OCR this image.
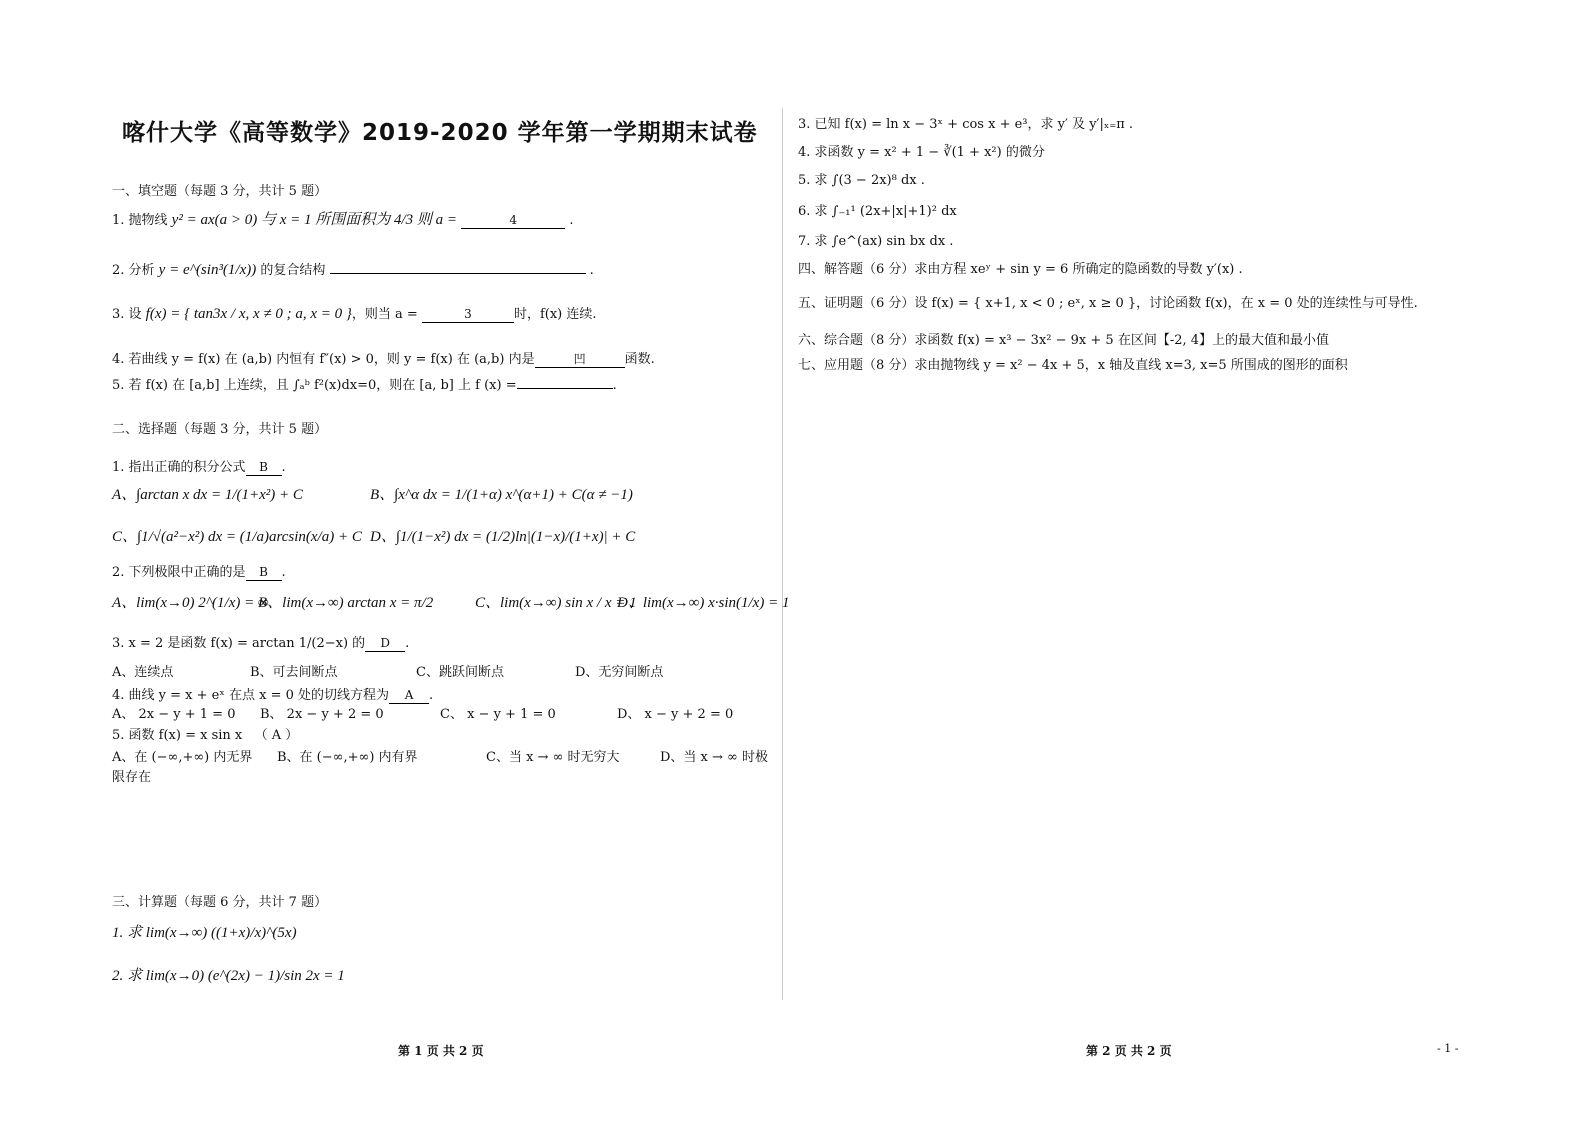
喀什大学《高等数学》2019-2020 学年第一学期期末试卷
一、填空题（每题 3 分，共计 5 题）
1. 抛物线 y² = ax(a > 0) 与 x = 1 所围面积为 4/3 则 a =	4	.
2. 分析 y = e^(sin³(1/x)) 的复合结构	.
3. 设 f(x) = { tan3x / x, x ≠ 0 ; a, x = 0 }，则当 a =	3	时，f(x) 连续.
4. 若曲线 y = f(x) 在 (a,b) 内恒有 f″(x) > 0，则 y = f(x) 在 (a,b) 内是	凹	函数.
5. 若 f(x) 在 [a,b] 上连续，且 ∫ₐᵇ f²(x)dx=0，则在 [a, b] 上 f (x) =	.
二、选择题（每题 3 分，共计 5 题）
1. 指出正确的积分公式 B .
A、∫arctan x dx = 1/(1+x²) + C	B、∫x^α dx = 1/(1+α) x^(α+1) + C(α ≠ −1)
C、∫1/√(a²−x²) dx = (1/a)arcsin(x/a) + C D、∫1/(1−x²) dx = (1/2)ln|(1−x)/(1+x)| + C
2. 下列极限中正确的是 B .
A、lim(x→0) 2^(1/x) = ∞
B、lim(x→∞) arctan x = π/2	C、lim(x→∞) sin x / x = 1
D、lim(x→∞) x·sin(1/x) = 1
3. x = 2 是函数 f(x) = arctan 1/(2−x) 的 D .
A、连续点	B、可去间断点	C、跳跃间断点	D、无穷间断点
4. 曲线 y = x + eˣ 在点 x = 0 处的切线方程为 A .
A、 2x − y + 1 = 0 B、 2x − y + 2 = 0	C、 x − y + 1 = 0	D、 x − y + 2 = 0
5. 函数 f(x) = x sin x （ A ）
A、在 (−∞,+∞) 内无界 B、在 (−∞,+∞) 内有界	C、当 x → ∞ 时无穷大	D、当 x → ∞ 时极
限存在
三、计算题（每题 6 分，共计 7 题）
1. 求 lim(x→∞) ((1+x)/x)^(5x)
2. 求 lim(x→0) (e^(2x) − 1)/sin 2x = 1
3. 已知 f(x) = ln x − 3ˣ + cos x + e³，求 y′ 及 y′|ₓ₌π .
4. 求函数 y = x² + 1 − ∛(1 + x²) 的微分
5. 求 ∫(3 − 2x)⁸ dx .
6. 求 ∫₋₁¹ (2x+|x|+1)² dx
7. 求 ∫e^(ax) sin bx dx .
四、解答题（6 分）求由方程 xeʸ + sin y = 6 所确定的隐函数的导数 y′(x) .
五、证明题（6 分）设 f(x) = { x+1, x < 0 ; eˣ, x ≥ 0 }，讨论函数 f(x)，在 x = 0 处的连续性与可导性.
六、综合题（8 分）求函数 f(x) = x³ − 3x² − 9x + 5 在区间【-2, 4】上的最大值和最小值
七、应用题（8 分）求由抛物线 y = x² − 4x + 5，x 轴及直线 x=3, x=5 所围成的图形的面积
第 1 页 共 2 页	第 2 页 共 2 页	- 1 -
